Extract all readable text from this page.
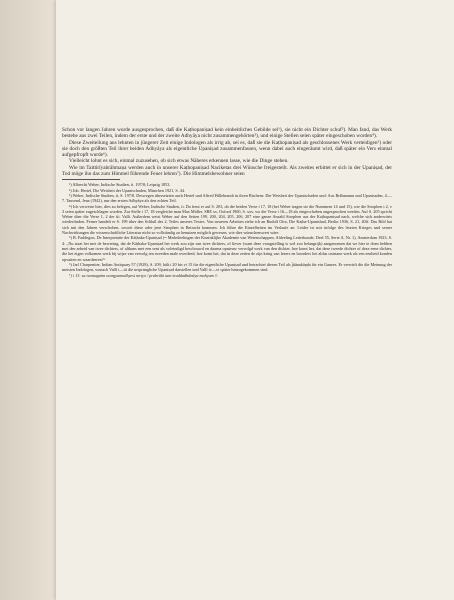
Schon vor langen Jahren wurde ausgesprochen, daß die Kaṭhopaniṣad kein einheitliches Gebilde sei¹), sie nicht ein Dichter schuf²). Man fand, das Werk bestehe aus zwei Teilen, indem der erste und der zweite Adhyāya nicht zusammengehörten³), und einige Stellen seien später eingeschoben worden⁴).

Diese Zweiteilung aus lehnten in jüngerer Zeit einige Indologen als irrig ab, sei es, daß sie die Kaṭhopaniṣad als geschlossenes Werk verteidigen⁵) oder sie doch den größten Teil ihrer beiden Adhyāya als eigentliche Upaniṣad zusammenfassen, wenn dabei auch eingeräumt wird, daß später ein Vers einmal aufgepfropft wurde⁶).

Vielleicht lohnt es sich, einmal zuzusehen, ob sich etwas Näheres erkennen lasse, wie die Dinge stehen.

Wie im Taittirīyabrāhmaṇa werden auch in unserer Kaṭhopaniṣad Naciketas drei Wünsche freigestellt. Als zweites erbittet er sich in der Upaniṣad, der Tod möge ihn das zum Himmel führende Feuer lehren⁷). Die Himmelsbewohner seien

¹) Albrecht Weber, Indische Studien, ii. 197/8; Leipzig 1853.

²) Joh. Hertel, Die Weisheit der Upanischaden, München 1921, S. 44.

³) Weber, Indische Studien, ii, S. 197/8. Deswegen übersetzten auch Hertel und Alfred Hillebrandt in ihren Büchern: Die Weisheit der Upanischaden und: Aus Brâhmanas und Upanisaden, 4.—7. Tausend, Jena (1942), nur den ersten Adhyāya als den echten Teil.

⁴) Ich verweise hier, dies zu belegen, auf Weber, Indische Studien, ii. Da freut er auf S. 203, ob die beiden Verse i 17, 18 (bei Weber tragen sie die Nummern 14 und 15), wie die Strophen i 2, v 3 seien später zugeschlagen worden. Zur Stelle i 17, 18 vergleiche man Max Müller, SBE xv, Oxford 1900, S. xxv, wo die Verse i 16—18 als eingeschoben angesprochen werden. Auf S. 205 spricht Weber über die Verse 1, 2 der iii. Valli. Außerdem weist Weber auf den Seiten 199, 200, 204, 205, 206, 207 eine ganze Anzahl Strophen aus der Kaṭhopaniṣad nach, welche sich anderwärts wiederfinden. Ferner handelt er S. 199 über den Schluß des 2. Teiles unseres Textes. Von neueren Arbeiten ziehe ich an Rudolf Otto, Die Kaṭha-Upanishad, Berlin 1936, S. 21, 40ff. Das Bild hat sich mit den Jahren verschoben, soweit diese oder jene Strophen in Betracht kommen. Ich führe die Einzelheiten im Verlaufe an. Leider ist mir infolge des letzten Krieges und seiner Nachwirkungen die wissenschaftliche Literatur nicht so vollständig zu benutzen möglich gewesen, wie dies wünschenswert wäre.

⁵) B. Faddegon, De Interpretatie der Kāṭhaka-Upaniṣad (= Mededeelingen der Koninklijke Akademie van Wetenschappen, Afdeeling Letterkunde, Deel 55, Serie A, Nr. 1), Amsterdam 1923, S. 4: „Nu staat het met de bewering, dat de Kāṭhaka-Upaniṣad het werk zou zijn van twee dichters, of liever (want deze vraagstelling is wel zoo belangrijk) aangenomen dat we hier te doen hebben met den arbeid van twee dichters, of althans met een sent als voleindigd beschouwd en daarna opnieuw vervolgd werk van den dichter, hoe komt het, dat deze tweede dichter of deze eene dichter, die het eigen volkomen werk bij wijze van vervolg ten tweeden male overdeed, hoe komt het, dat in deze zetten de zijn kring van lezers en hoorders het aldus ontstane werk als een eenheid konden opvatten en waardeeren?“

⁶) Jarl Charpentier, Indian Antiquary 57 (1928), S. 209, hält i 20 bis vi 15 für die eigentliche Upaniṣad und betrachtet diesen Teil als j̄ūānakāṇḍa für ein Ganzes. Er verwirft die die Meinung der meisten Indologen, wonach Vallī i—iii die ursprüngliche Upaniṣad darstellen und Vallī iv—vi später hinzugekommen sind.

⁷) i 13: sa tvamagnim svargyamadhyesi mrtyo / prabrūhi tam śraddadhānāya mahyam //.
